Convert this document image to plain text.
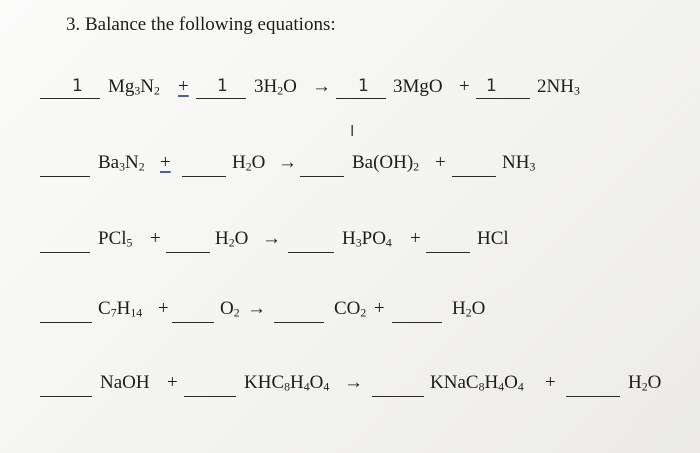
3. Balance the following equations:
1 $Mg_3N_2 + 1$ $3H_2O \to 1$ 3MgO + 1 $2NH_3$
I
$Ba_3N_2$ +	$H_2O$ →	$Ba(OH)_2$ +	$NH_3$
PCl$_5$ +	$H_2O$ →	$H_3PO_4$ +	HCl
$C_7H_{14}$ +	$O_2$ →	$CO_2$ +	$H_2O$
NaOH +	$KHC_8H_4O_4$ →	$KNaC_8H_4O_4$ +	$H_2O$
